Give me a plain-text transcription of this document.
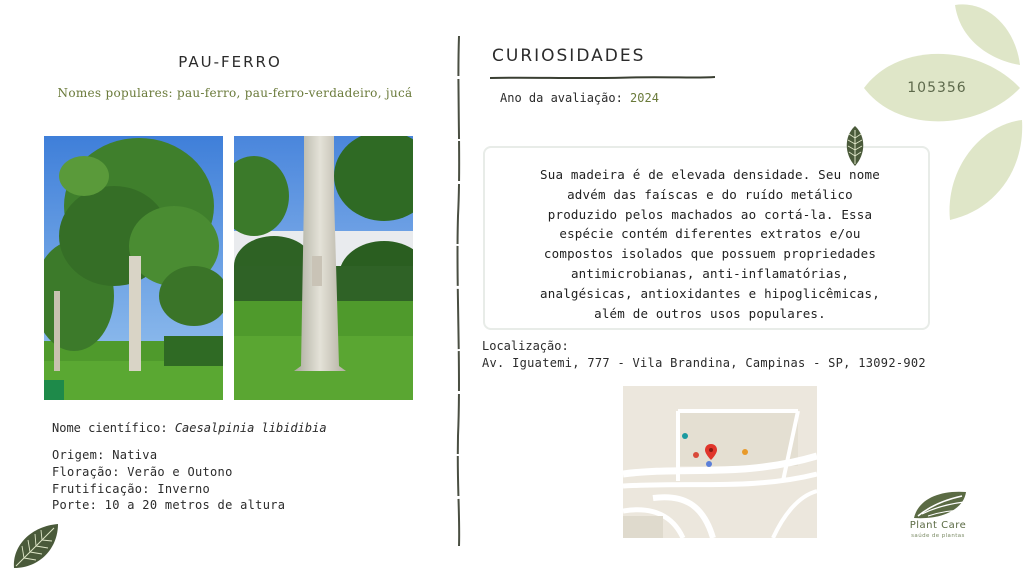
PAU-FERRO
Nomes populares: pau-ferro, pau-ferro-verdadeiro, jucá
Nome científico: Caesalpinia libidibia
Origem: Nativa
Floração: Verão e Outono
Frutificação: Inverno
Porte: 10 a 20 metros de altura
CURIOSIDADES
Ano da avaliação: 2024
Sua madeira é de elevada densidade. Seu nome
advém das faíscas e do ruído metálico
produzido pelos machados ao cortá-la. Essa
espécie contém diferentes extratos e/ou
compostos isolados que possuem propriedades
antimicrobianas, anti-inflamatórias,
analgésicas, antioxidantes e hipoglicêmicas,
além de outros usos populares.
Localização:
Av. Iguatemi, 777 - Vila Brandina, Campinas - SP, 13092-902
105356
Plant Care
saúde de plantas
